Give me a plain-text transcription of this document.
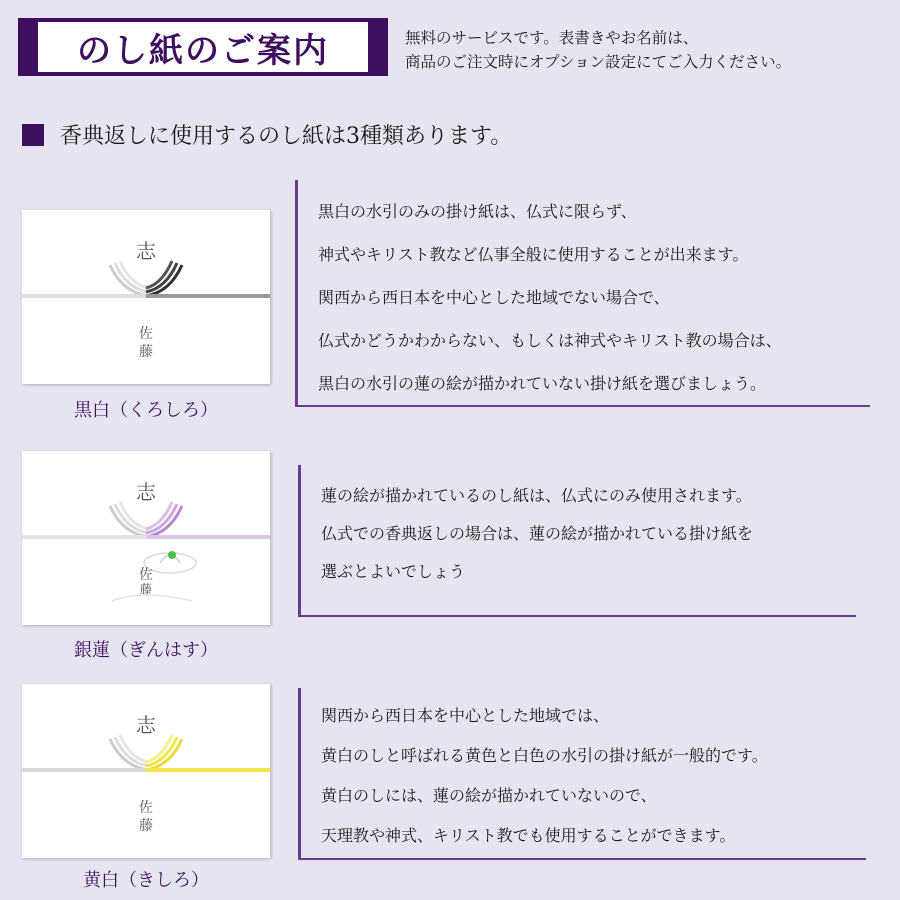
のし紙のご案内	無料のサービスです。表書きやお名前は、
商品のご注文時にオプション設定にてご入力ください。
香典返しに使用するのし紙は3種類あります。
志
佐
藤
黒白（くろしろ）

黒白の水引のみの掛け紙は、仏式に限らず、

神式やキリスト教など仏事全般に使用することが出来ます。

関西から西日本を中心とした地域でない場合で、

仏式かどうかわからない、もしくは神式やキリスト教の場合は、

黒白の水引の蓮の絵が描かれていない掛け紙を選びましょう。

志
佐
藤
銀蓮（ぎんはす）

蓮の絵が描かれているのし紙は、仏式にのみ使用されます。

仏式での香典返しの場合は、蓮の絵が描かれている掛け紙を

選ぶとよいでしょう

志
佐
藤
黄白（きしろ）

関西から西日本を中心とした地域では、

黄白のしと呼ばれる黄色と白色の水引の掛け紙が一般的です。

黄白のしには、蓮の絵が描かれていないので、

天理教や神式、キリスト教でも使用することができます。
